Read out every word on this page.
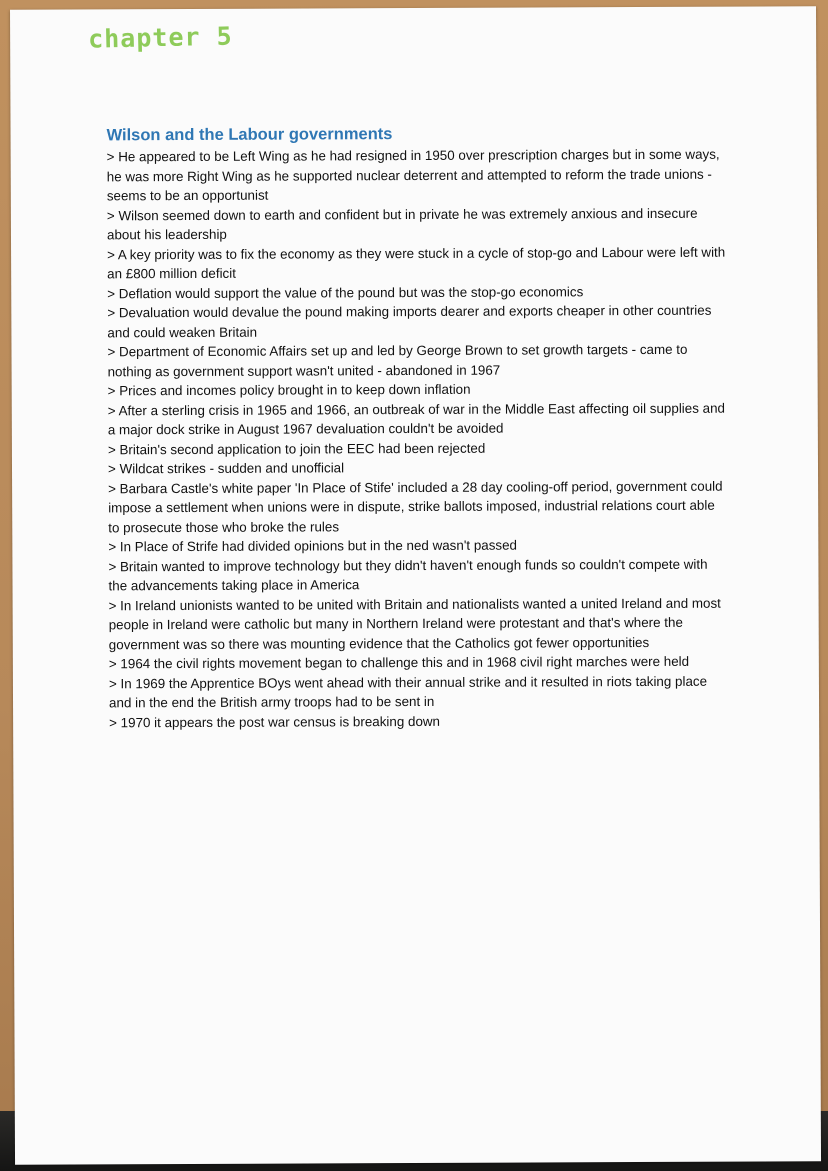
chapter 5
Wilson and the Labour governments
> He appeared to be Left Wing as he had resigned in 1950 over prescription charges but in some ways, he was more Right Wing as he supported nuclear deterrent and attempted to reform the trade unions - seems to be an opportunist
> Wilson seemed down to earth and confident but in private he was extremely anxious and insecure about his leadership
> A key priority was to fix the economy as they were stuck in a cycle of stop-go and Labour were left with an £800 million deficit
> Deflation would support the value of the pound but was the stop-go economics
> Devaluation would devalue the pound making imports dearer and exports cheaper in other countries and could weaken Britain
> Department of Economic Affairs set up and led by George Brown to set growth targets - came to nothing as government support wasn't united - abandoned in 1967
> Prices and incomes policy brought in to keep down inflation
> After a sterling crisis in 1965 and 1966, an outbreak of war in the Middle East affecting oil supplies and a major dock strike in August 1967 devaluation couldn't be avoided
> Britain's second application to join the EEC had been rejected
> Wildcat strikes - sudden and unofficial
> Barbara Castle's white paper 'In Place of Stife' included a 28 day cooling-off period, government could impose a settlement when unions were in dispute, strike ballots imposed, industrial relations court able to prosecute those who broke the rules
> In Place of Strife had divided opinions but in the ned wasn't passed
> Britain wanted to improve technology but they didn't haven't enough funds so couldn't compete with the advancements taking place in America
> In Ireland unionists wanted to be united with Britain and nationalists wanted a united Ireland and most people in Ireland were catholic but many in Northern Ireland were protestant and that's where the government was so there was mounting evidence that the Catholics got fewer opportunities
> 1964 the civil rights movement began to challenge this and in 1968 civil right marches were held
> In 1969 the Apprentice BOys went ahead with their annual strike and it resulted in riots taking place and in the end the British army troops had to be sent in
> 1970 it appears the post war census is breaking down
